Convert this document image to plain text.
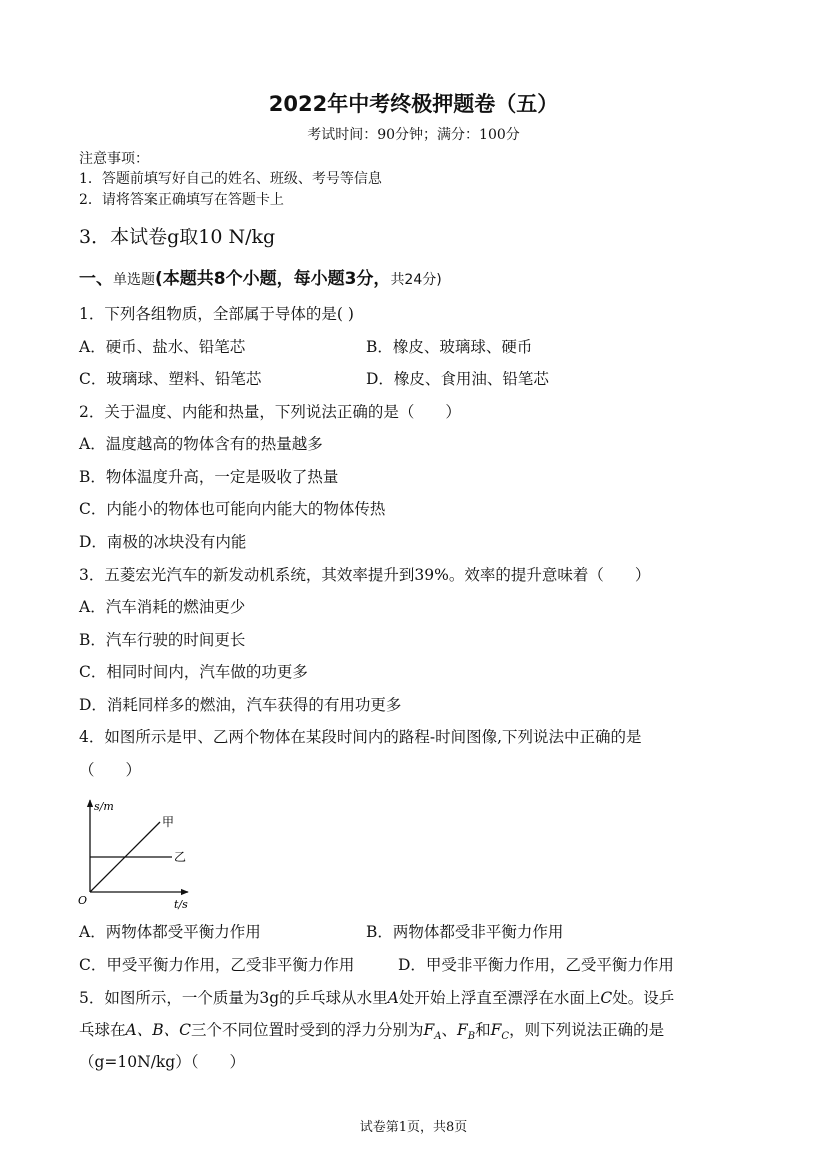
2022年中考终极押题卷（五）
考试时间：90分钟；满分：100分
注意事项：
1．答题前填写好自己的姓名、班级、考号等信息
2．请将答案正确填写在答题卡上
3．本试卷g取10 N/kg
一、单选题(本题共8个小题，每小题3分，共24分)
1．下列各组物质，全部属于导体的是( )
A．硬币、盐水、铅笔芯	B．橡皮、玻璃球、硬币
C．玻璃球、塑料、铅笔芯	D．橡皮、食用油、铅笔芯
2．关于温度、内能和热量，下列说法正确的是（　　）
A．温度越高的物体含有的热量越多
B．物体温度升高，一定是吸收了热量
C．内能小的物体也可能向内能大的物体传热
D．南极的冰块没有内能
3．五菱宏光汽车的新发动机系统，其效率提升到39%。效率的提升意味着（　　）
A．汽车消耗的燃油更少
B．汽车行驶的时间更长
C．相同时间内，汽车做的功更多
D．消耗同样多的燃油，汽车获得的有用功更多
4．如图所示是甲、乙两个物体在某段时间内的路程-时间图像,下列说法中正确的是
（　　）
s/m
t/s
O
甲
乙
A．两物体都受平衡力作用	B．两物体都受非平衡力作用
C．甲受平衡力作用，乙受非平衡力作用	D．甲受非平衡力作用，乙受平衡力作用
5．如图所示，一个质量为3g的乒乓球从水里A处开始上浮直至漂浮在水面上C处。设乒
乓球在A、B、C三个不同位置时受到的浮力分别为$F_A$、$F_B$和$F_C$，则下列说法正确的是
（g=10N/kg）（　　）
试卷第1页，共8页
